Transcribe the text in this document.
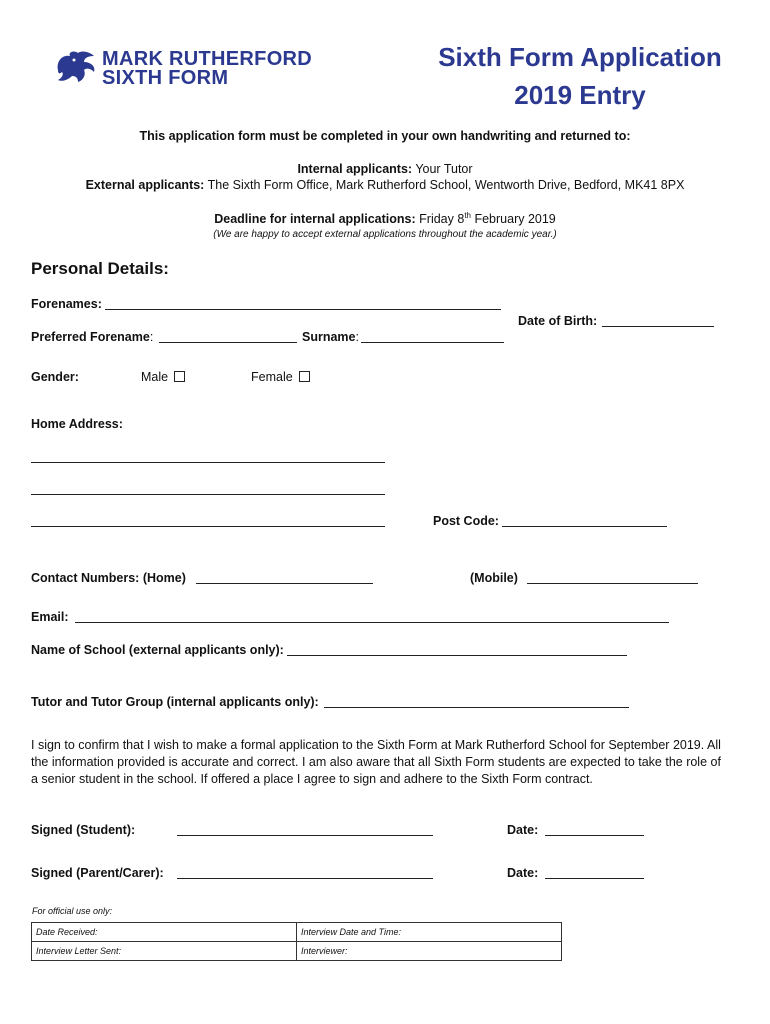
MARK RUTHERFORD
SIXTH FORM
Sixth Form Application
2019 Entry
This application form must be completed in your own handwriting and returned to:
Internal applicants: Your Tutor
External applicants: The Sixth Form Office, Mark Rutherford School, Wentworth Drive, Bedford, MK41 8PX
Deadline for internal applications: Friday 8th February 2019
(We are happy to accept external applications throughout the academic year.)
Personal Details:
Forenames:
Date of Birth:
Preferred Forename:	Surname:
Gender:	Male	Female
Home Address:
Post Code:
Contact Numbers: (Home)	(Mobile)
Email:
Name of School (external applicants only):
Tutor and Tutor Group (internal applicants only):
I sign to confirm that I wish to make a formal application to the Sixth Form at Mark Rutherford School for September 2019. All the information provided is accurate and correct. I am also aware that all Sixth Form students are expected to take the role of a senior student in the school. If offered a place I agree to sign and adhere to the Sixth Form contract.
Signed (Student):	Date:
Signed (Parent/Carer):	Date:
For official use only:
Date Received:	Interview Date and Time:
Interview Letter Sent:	Interviewer:
